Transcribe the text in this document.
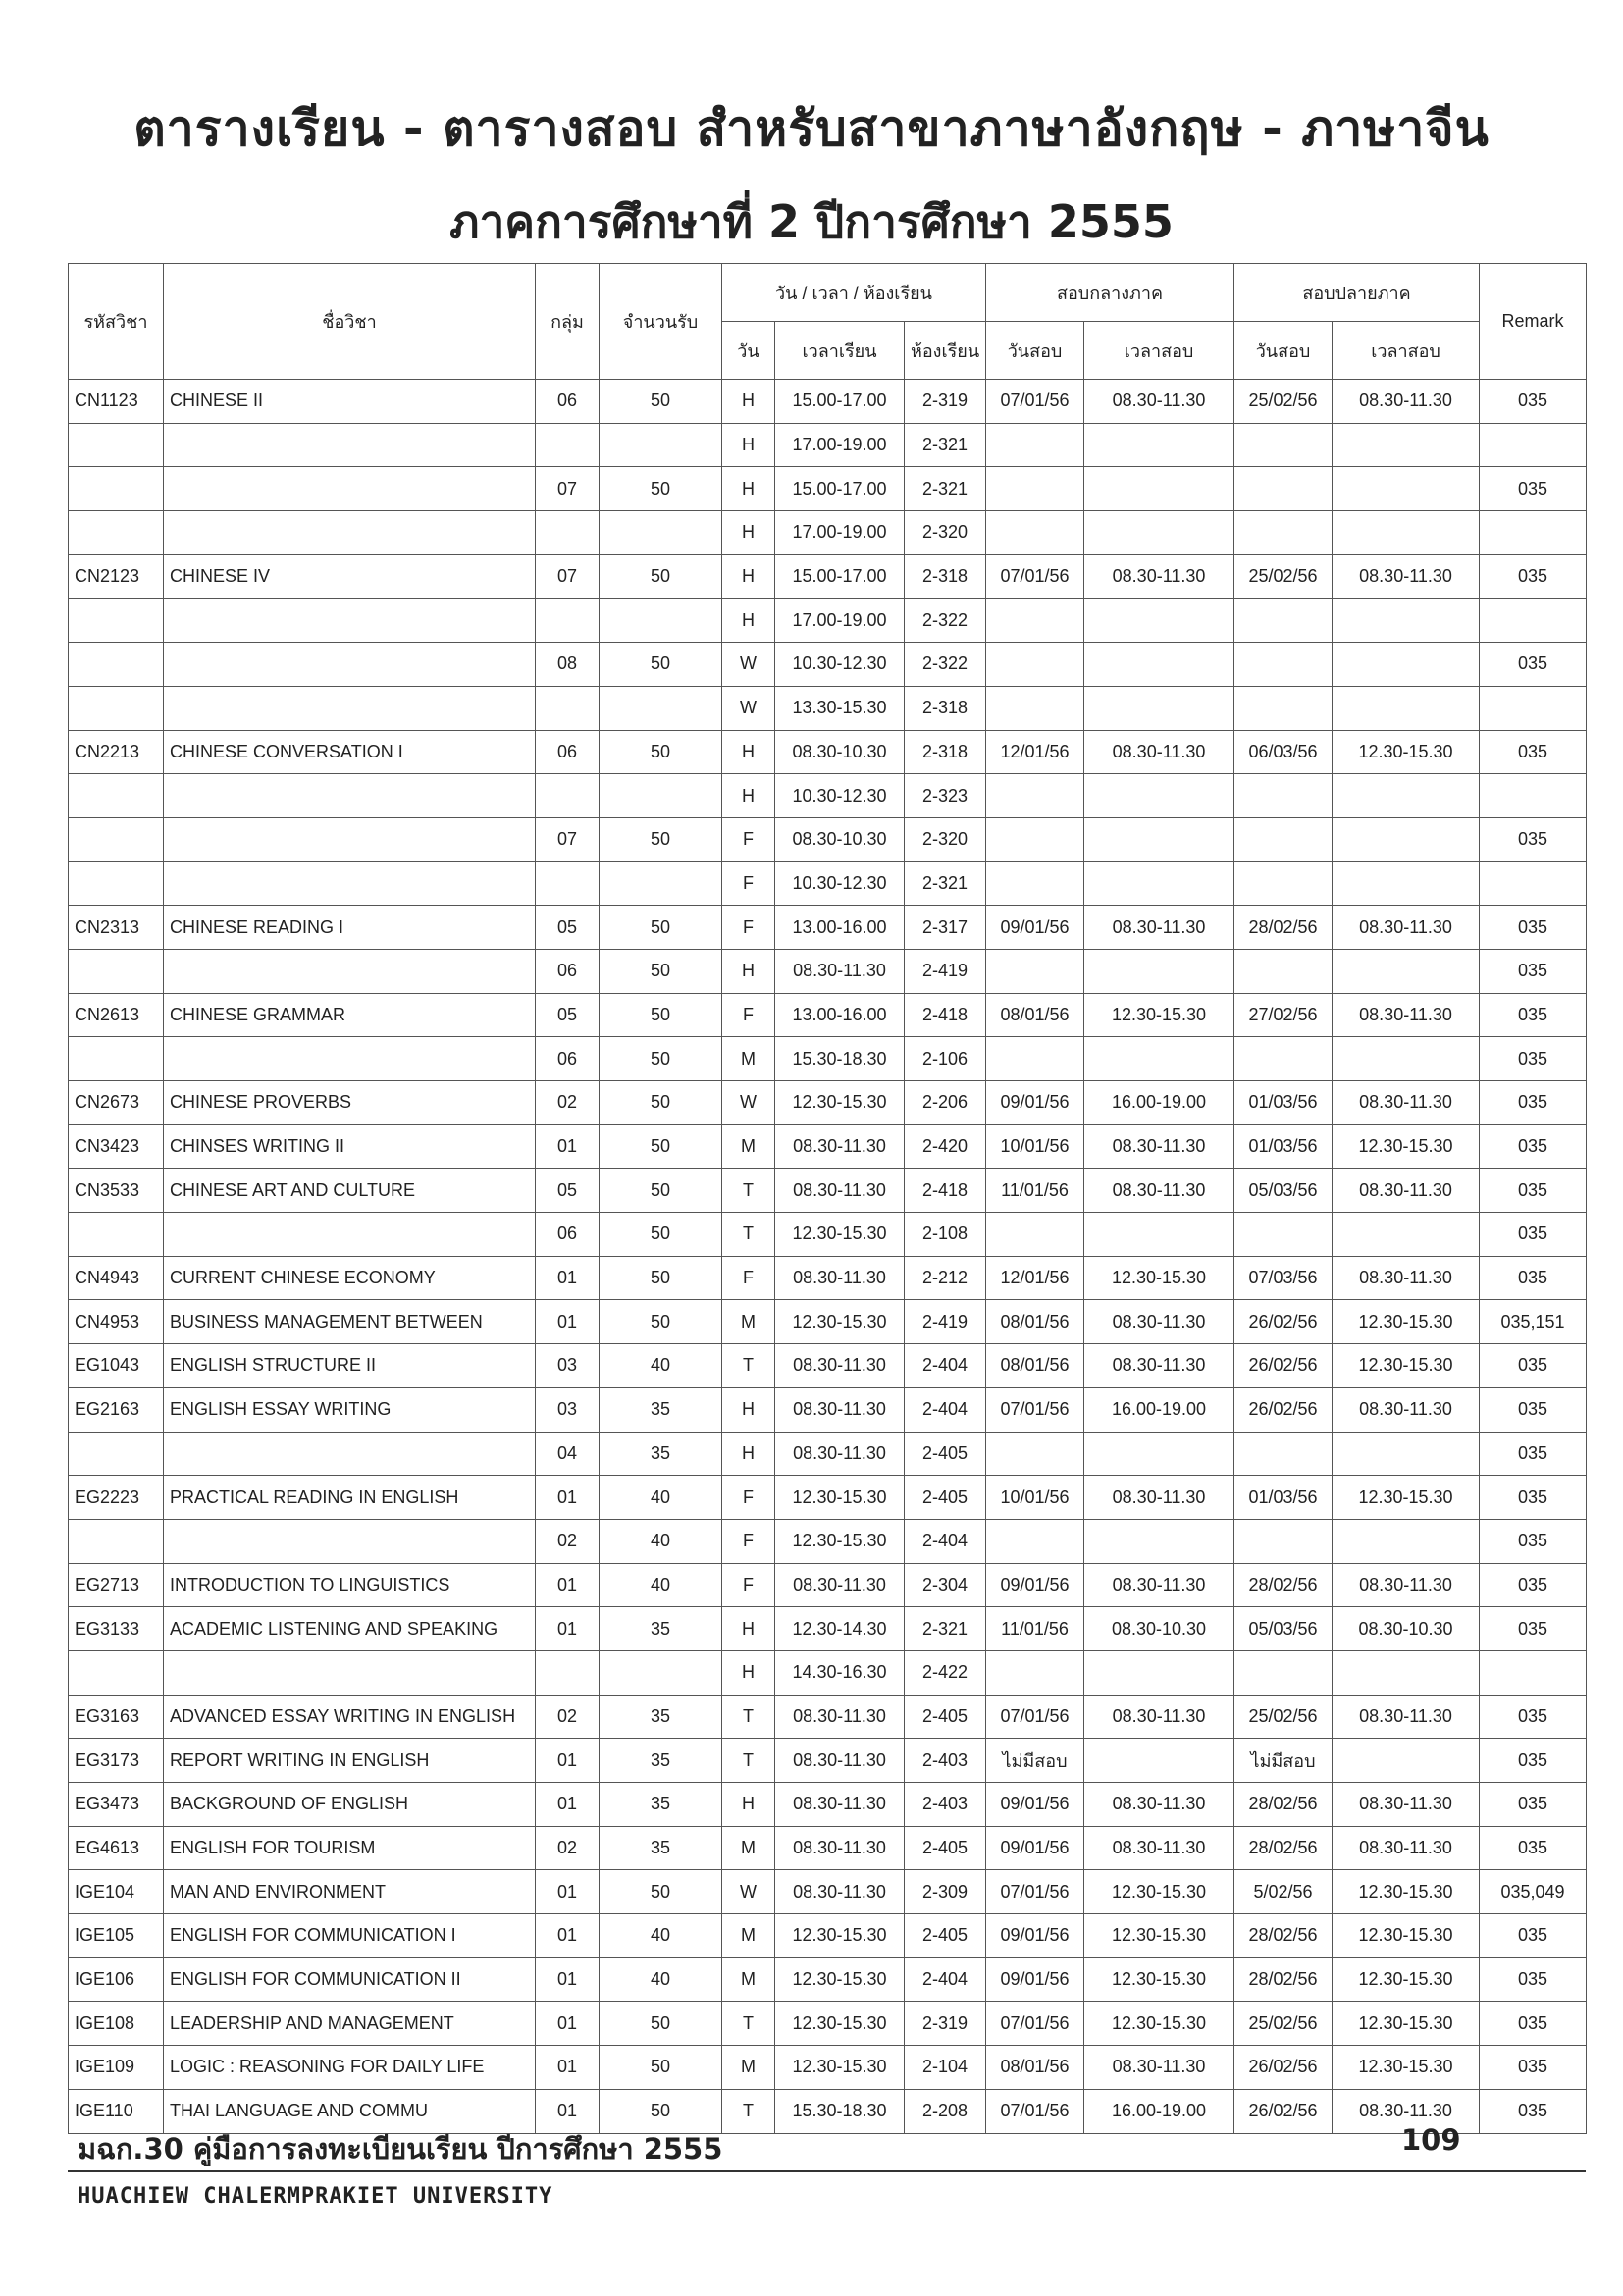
ตารางเรียน - ตารางสอบ สำหรับสาขาภาษาอังกฤษ - ภาษาจีน
ภาคการศึกษาที่ 2 ปีการศึกษา 2555
รหัสวิชา	ชื่อวิชา	กลุ่ม	จำนวนรับ	วัน / เวลา / ห้องเรียน			สอบกลางภาค		สอบปลายภาค		Remark
				วัน	เวลาเรียน	ห้องเรียน	วันสอบ	เวลาสอบ	วันสอบ	เวลาสอบ	
CN1123	CHINESE II	06	50	H	15.00-17.00	2-319	07/01/56	08.30-11.30	25/02/56	08.30-11.30	035
				H	17.00-19.00	2-321					
		07	50	H	15.00-17.00	2-321					035
				H	17.00-19.00	2-320					
CN2123	CHINESE IV	07	50	H	15.00-17.00	2-318	07/01/56	08.30-11.30	25/02/56	08.30-11.30	035
				H	17.00-19.00	2-322					
		08	50	W	10.30-12.30	2-322					035
				W	13.30-15.30	2-318					
CN2213	CHINESE CONVERSATION I	06	50	H	08.30-10.30	2-318	12/01/56	08.30-11.30	06/03/56	12.30-15.30	035
				H	10.30-12.30	2-323					
		07	50	F	08.30-10.30	2-320					035
				F	10.30-12.30	2-321					
CN2313	CHINESE READING I	05	50	F	13.00-16.00	2-317	09/01/56	08.30-11.30	28/02/56	08.30-11.30	035
		06	50	H	08.30-11.30	2-419					035
CN2613	CHINESE GRAMMAR	05	50	F	13.00-16.00	2-418	08/01/56	12.30-15.30	27/02/56	08.30-11.30	035
		06	50	M	15.30-18.30	2-106					035
CN2673	CHINESE PROVERBS	02	50	W	12.30-15.30	2-206	09/01/56	16.00-19.00	01/03/56	08.30-11.30	035
CN3423	CHINSES WRITING II	01	50	M	08.30-11.30	2-420	10/01/56	08.30-11.30	01/03/56	12.30-15.30	035
CN3533	CHINESE ART AND CULTURE	05	50	T	08.30-11.30	2-418	11/01/56	08.30-11.30	05/03/56	08.30-11.30	035
		06	50	T	12.30-15.30	2-108					035
CN4943	CURRENT CHINESE ECONOMY	01	50	F	08.30-11.30	2-212	12/01/56	12.30-15.30	07/03/56	08.30-11.30	035
CN4953	BUSINESS MANAGEMENT BETWEEN	01	50	M	12.30-15.30	2-419	08/01/56	08.30-11.30	26/02/56	12.30-15.30	035,151
EG1043	ENGLISH STRUCTURE II	03	40	T	08.30-11.30	2-404	08/01/56	08.30-11.30	26/02/56	12.30-15.30	035
EG2163	ENGLISH ESSAY WRITING	03	35	H	08.30-11.30	2-404	07/01/56	16.00-19.00	26/02/56	08.30-11.30	035
		04	35	H	08.30-11.30	2-405					035
EG2223	PRACTICAL READING IN ENGLISH	01	40	F	12.30-15.30	2-405	10/01/56	08.30-11.30	01/03/56	12.30-15.30	035
		02	40	F	12.30-15.30	2-404					035
EG2713	INTRODUCTION TO LINGUISTICS	01	40	F	08.30-11.30	2-304	09/01/56	08.30-11.30	28/02/56	08.30-11.30	035
EG3133	ACADEMIC LISTENING AND SPEAKING	01	35	H	12.30-14.30	2-321	11/01/56	08.30-10.30	05/03/56	08.30-10.30	035
				H	14.30-16.30	2-422					
EG3163	ADVANCED ESSAY WRITING IN ENGLISH	02	35	T	08.30-11.30	2-405	07/01/56	08.30-11.30	25/02/56	08.30-11.30	035
EG3173	REPORT WRITING IN ENGLISH	01	35	T	08.30-11.30	2-403	ไม่มีสอบ		ไม่มีสอบ		035
EG3473	BACKGROUND OF ENGLISH	01	35	H	08.30-11.30	2-403	09/01/56	08.30-11.30	28/02/56	08.30-11.30	035
EG4613	ENGLISH FOR TOURISM	02	35	M	08.30-11.30	2-405	09/01/56	08.30-11.30	28/02/56	08.30-11.30	035
IGE104	MAN AND ENVIRONMENT	01	50	W	08.30-11.30	2-309	07/01/56	12.30-15.30	5/02/56	12.30-15.30	035,049
IGE105	ENGLISH FOR COMMUNICATION I	01	40	M	12.30-15.30	2-405	09/01/56	12.30-15.30	28/02/56	12.30-15.30	035
IGE106	ENGLISH FOR COMMUNICATION II	01	40	M	12.30-15.30	2-404	09/01/56	12.30-15.30	28/02/56	12.30-15.30	035
IGE108	LEADERSHIP AND MANAGEMENT	01	50	T	12.30-15.30	2-319	07/01/56	12.30-15.30	25/02/56	12.30-15.30	035
IGE109	LOGIC : REASONING FOR DAILY LIFE	01	50	M	12.30-15.30	2-104	08/01/56	08.30-11.30	26/02/56	12.30-15.30	035
IGE110	THAI LANGUAGE AND COMMU	01	50	T	15.30-18.30	2-208	07/01/56	16.00-19.00	26/02/56	08.30-11.30	035
มฉก.30 คู่มือการลงทะเบียนเรียน ปีการศึกษา 2555	109
HUACHIEW CHALERMPRAKIET UNIVERSITY
